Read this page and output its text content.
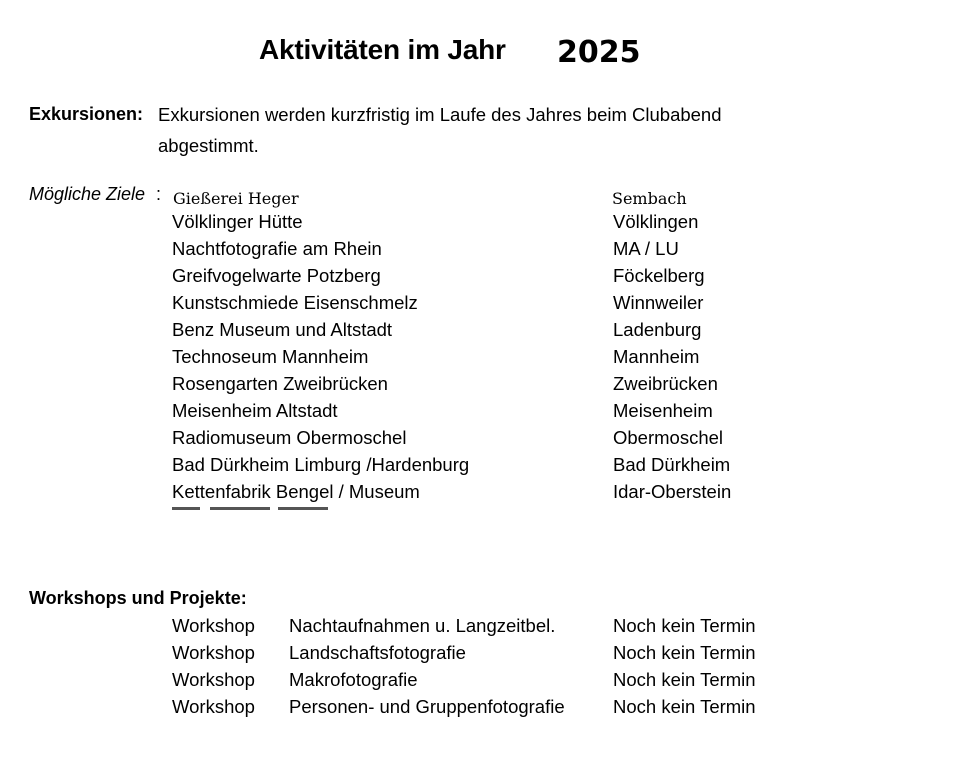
Aktivitäten im Jahr 2025
Exkursionen: Exkursionen werden kurzfristig im Laufe des Jahres beim Clubabend
abgestimmt.
Mögliche Ziele : Gießerei Heger	Sembach
Völklinger Hütte	Völklingen
Nachtfotografie am Rhein	MA / LU
Greifvogelwarte Potzberg	Föckelberg
Kunstschmiede Eisenschmelz	Winnweiler
Benz Museum und Altstadt	Ladenburg
Technoseum Mannheim	Mannheim
Rosengarten Zweibrücken	Zweibrücken
Meisenheim Altstadt	Meisenheim
Radiomuseum Obermoschel	Obermoschel
Bad Dürkheim Limburg /Hardenburg	Bad Dürkheim
Kettenfabrik Bengel / Museum	Idar-Oberstein
Workshops und Projekte:
Workshop Nachtaufnahmen u. Langzeitbel.	Noch kein Termin
Workshop Landschaftsfotografie	Noch kein Termin
Workshop Makrofotografie	Noch kein Termin
Workshop Personen- und Gruppenfotografie	Noch kein Termin
